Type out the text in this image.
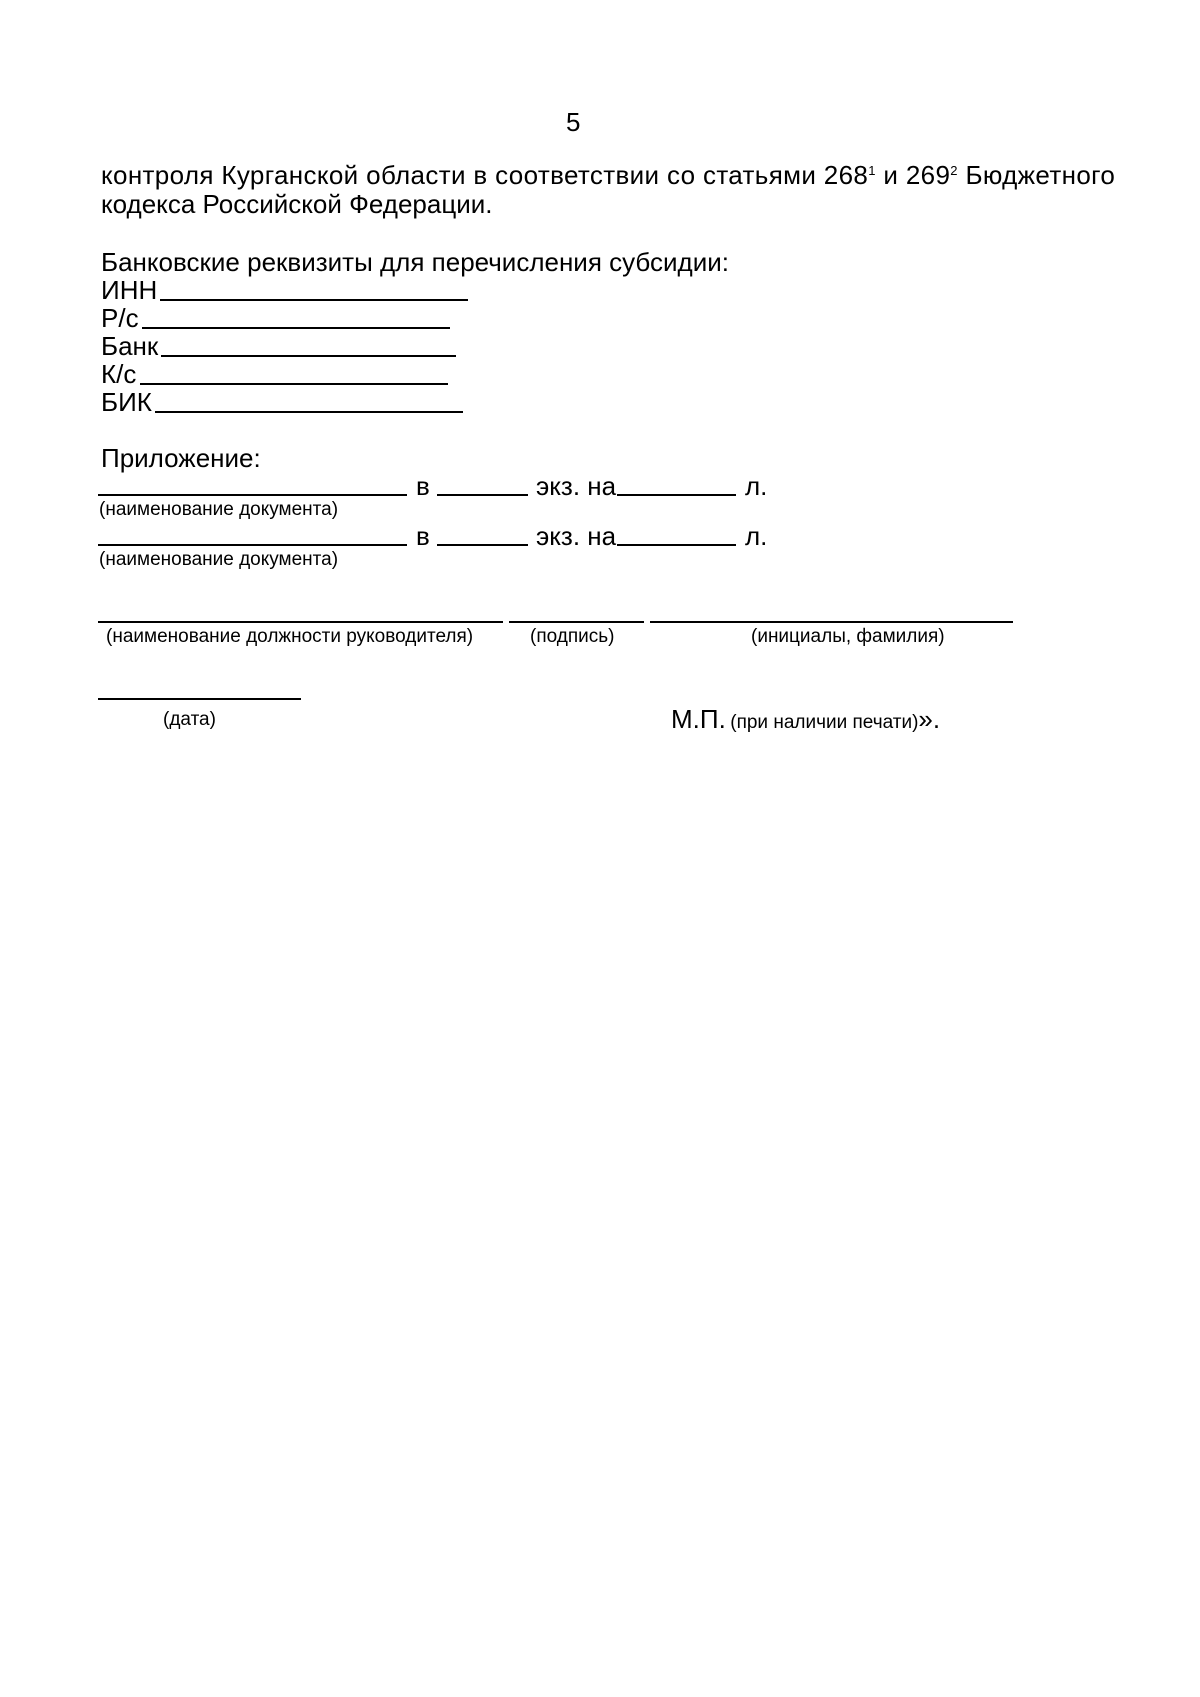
5
контроля Курганской области в соответствии со статьями $268^1$ и $269^2$ Бюджетного
кодекса Российской Федерации.
Банковские реквизиты для перечисления субсидии:
ИНН
Р/с
Банк
К/с
БИК
Приложение:
в	экз. на	л.
(наименование документа)
в	экз. на	л.
(наименование документа)
(наименование должности руководителя)	(подпись)	(инициалы, фамилия)
(дата)	М.П. (при наличии печати)».
